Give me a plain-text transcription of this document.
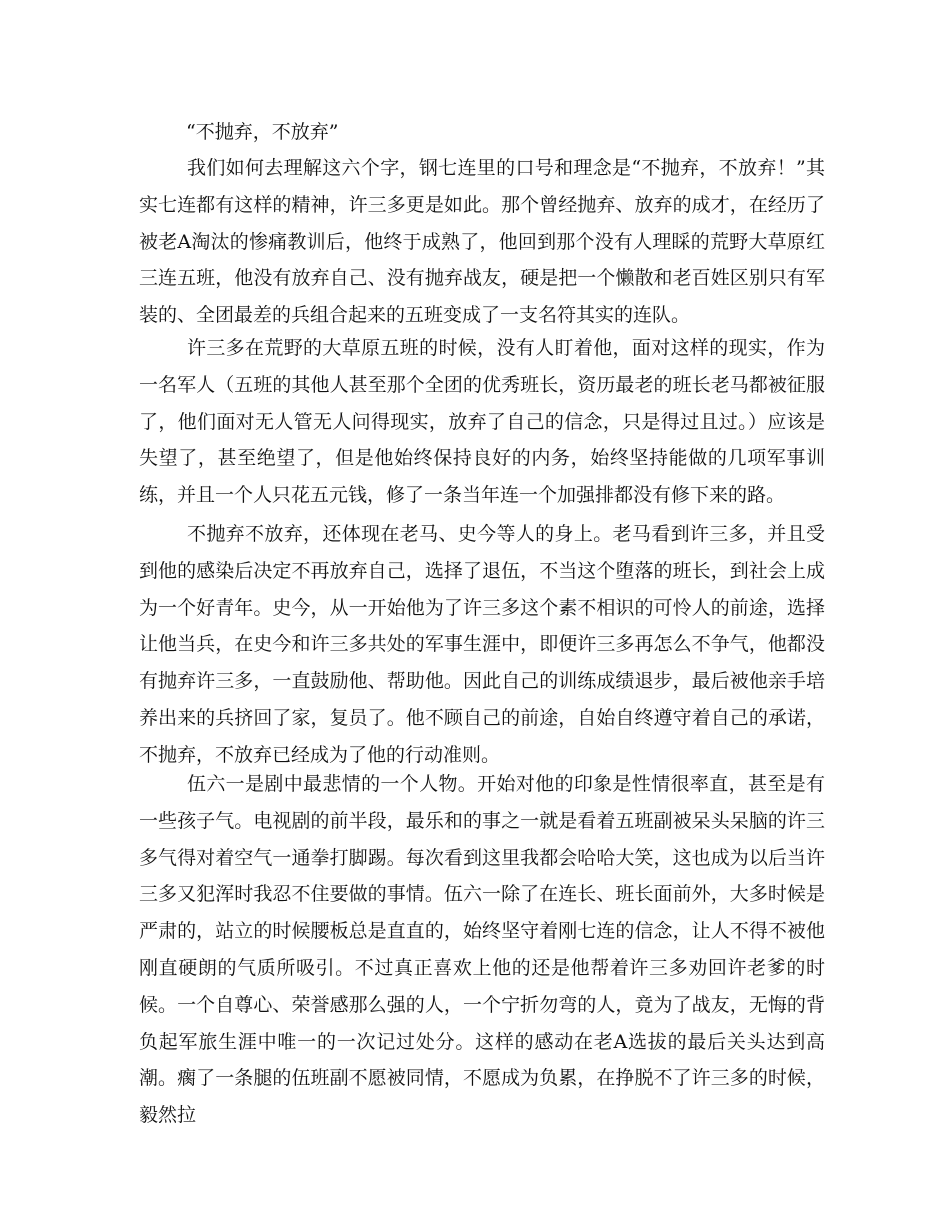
“不抛弃，不放弃”

我们如何去理解这六个字，钢七连里的口号和理念是“不抛弃，不放弃！”其实七连都有这样的精神，许三多更是如此。那个曾经抛弃、放弃的成才，在经历了被老A淘汰的惨痛教训后，他终于成熟了，他回到那个没有人理睬的荒野大草原红三连五班，他没有放弃自己、没有抛弃战友，硬是把一个懒散和老百姓区别只有军装的、全团最差的兵组合起来的五班变成了一支名符其实的连队。

许三多在荒野的大草原五班的时候，没有人盯着他，面对这样的现实，作为一名军人（五班的其他人甚至那个全团的优秀班长，资历最老的班长老马都被征服了，他们面对无人管无人问得现实，放弃了自己的信念，只是得过且过。）应该是失望了，甚至绝望了，但是他始终保持良好的内务，始终坚持能做的几项军事训练，并且一个人只花五元钱，修了一条当年连一个加强排都没有修下来的路。

不抛弃不放弃，还体现在老马、史今等人的身上。老马看到许三多，并且受到他的感染后决定不再放弃自己，选择了退伍，不当这个堕落的班长，到社会上成为一个好青年。史今，从一开始他为了许三多这个素不相识的可怜人的前途，选择让他当兵，在史今和许三多共处的军事生涯中，即便许三多再怎么不争气，他都没有抛弃许三多，一直鼓励他、帮助他。因此自己的训练成绩退步，最后被他亲手培养出来的兵挤回了家，复员了。他不顾自己的前途，自始自终遵守着自己的承诺，不抛弃，不放弃已经成为了他的行动准则。

伍六一是剧中最悲情的一个人物。开始对他的印象是性情很率直，甚至是有一些孩子气。电视剧的前半段，最乐和的事之一就是看着五班副被呆头呆脑的许三多气得对着空气一通拳打脚踢。每次看到这里我都会哈哈大笑，这也成为以后当许三多又犯浑时我忍不住要做的事情。伍六一除了在连长、班长面前外，大多时候是严肃的，站立的时候腰板总是直直的，始终坚守着刚七连的信念，让人不得不被他刚直硬朗的气质所吸引。不过真正喜欢上他的还是他帮着许三多劝回许老爹的时候。一个自尊心、荣誉感那么强的人，一个宁折勿弯的人，竟为了战友，无悔的背负起军旅生涯中唯一的一次记过处分。这样的感动在老A选拔的最后关头达到高潮。瘸了一条腿的伍班副不愿被同情，不愿成为负累，在挣脱不了许三多的时候，毅然拉
